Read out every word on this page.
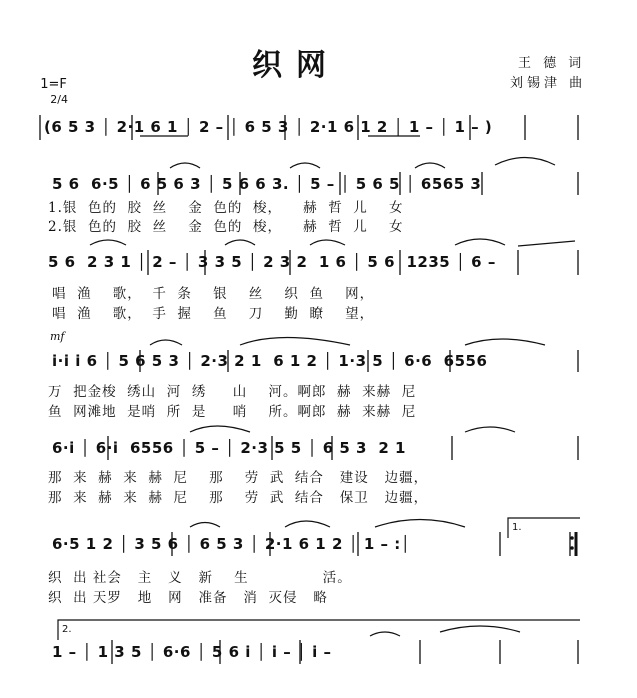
织网

1=F
2/4

王 德 词
刘锡津 曲
1.
2.
(6 5 3 │ 2·1 6 1 │ 2 – │ 6 5 3 │ 2·1 6 1 2 │ 1 – │ 1 – )
5 6  6·5 │ 6 5 6 3 │ 5 6 6 3. │ 5 – │ 5 6 5 │ 6565 3
1.银  色的  胶  丝    金  色的  梭，    赫  哲  儿    女
2.银  色的  胶  丝    金  色的  梭，    赫  哲  儿    女
5 6  2 3 1 │ 2 – │ 3 3 5 │ 2 3 2  1 6 │ 5 6  1235 │ 6 –
唱  渔    歌，  千  条    银    丝    织  鱼    网，
唱  渔    歌，  手  握    鱼    刀    勤  瞭    望，
mf
i·i i 6 │ 5 6 5 3 │ 2·3 2 1  6 1 2 │ 1·3 5 │ 6·6  6556
万  把金梭  绣山  河  绣     山    河。啊郎  赫  来赫  尼
鱼  网滩地  是哨  所  是     哨    所。啊郎  赫  来赫  尼
6·i │ 6·i  6556 │ 5 – │ 2·3 5 5 │ 6 5 3  2 1
那  来  赫  来  赫  尼    那    劳  武  结合   建设   边疆，
那  来  赫  来  赫  尼    那    劳  武  结合   保卫   边疆，
6·5 1 2 │ 3 5 6 │ 6 5 3 │ 2·1 6 1 2 │ 1 – :│
织  出 社会   主   义   新    生              活。
织  出 天罗   地   网   准备   消  灭侵   略
1 – │ 1 3 5 │ 6·6 │ 5 6 i │ i – │ i –
